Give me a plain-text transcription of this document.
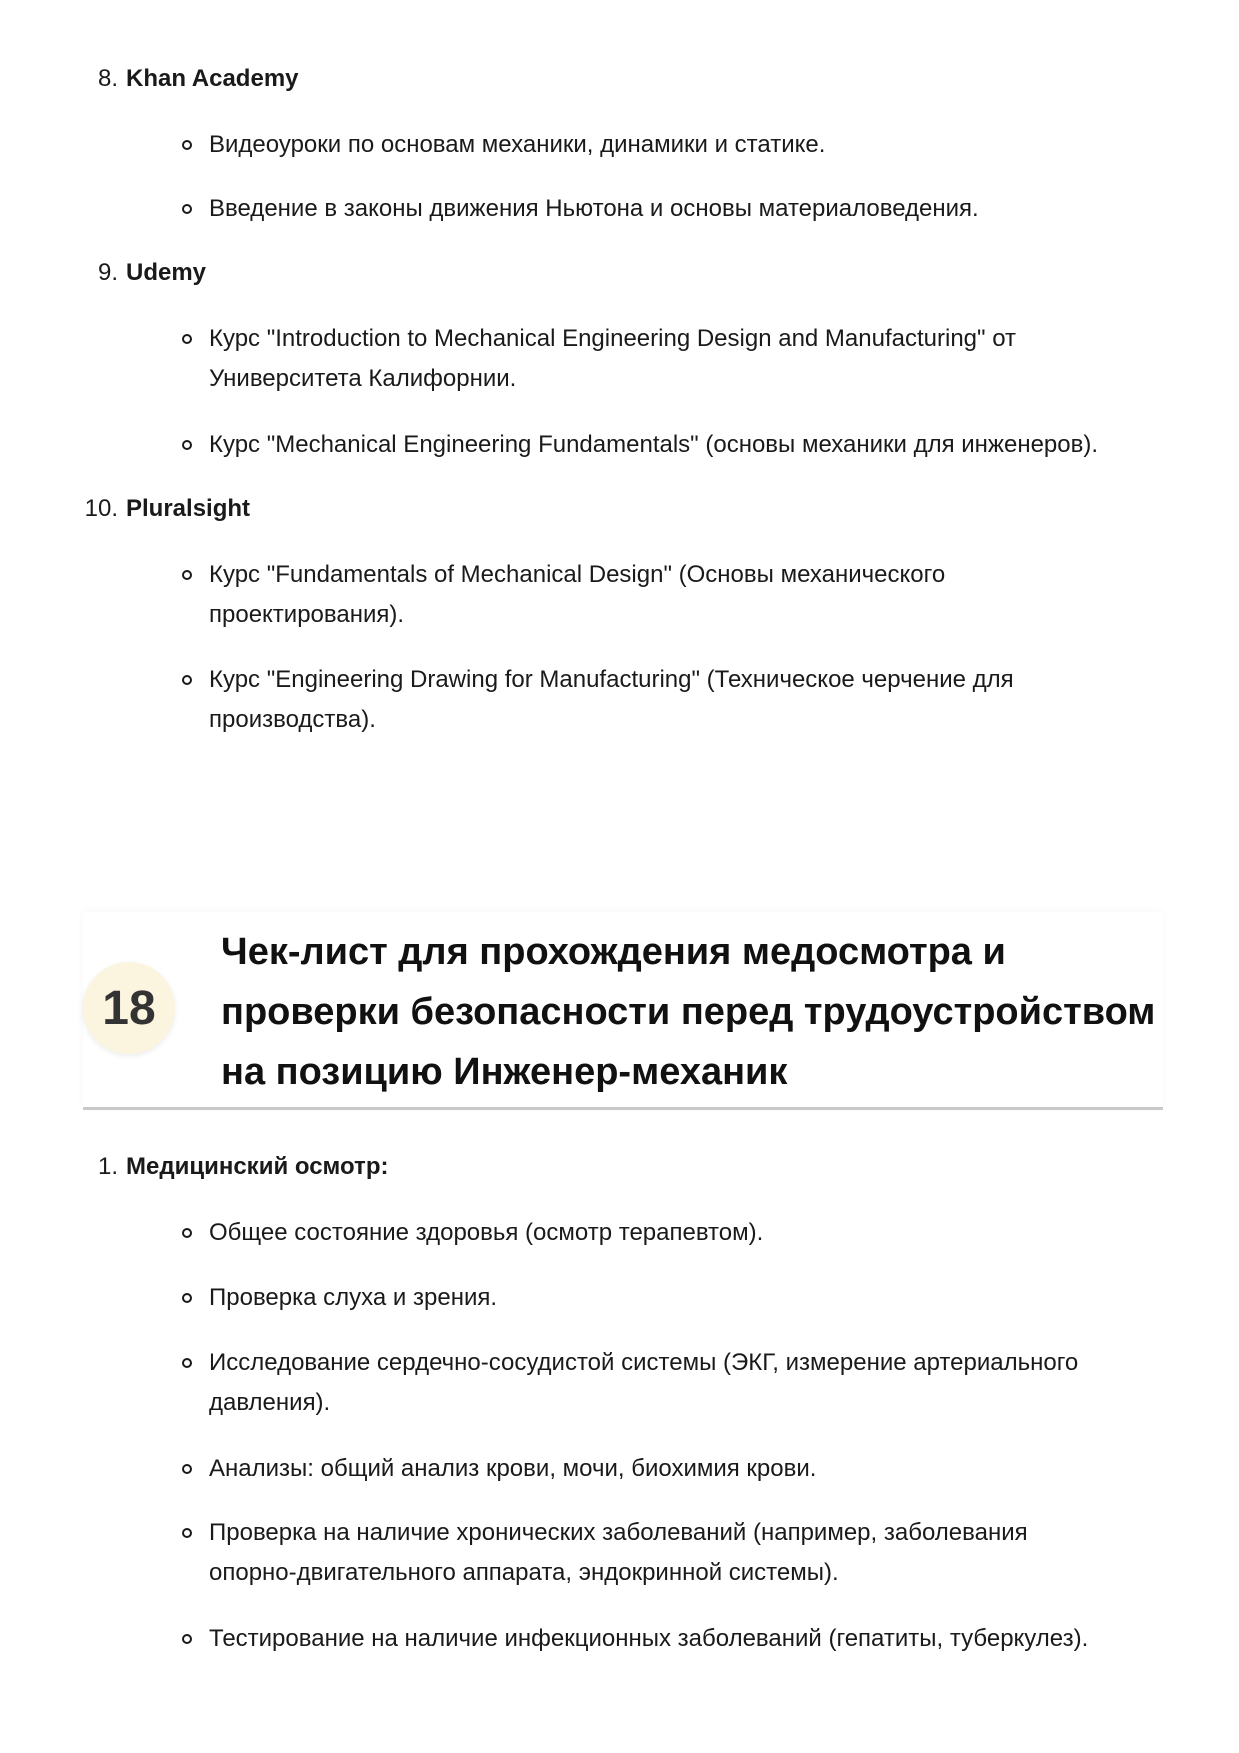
8. Khan Academy
Видеоуроки по основам механики, динамики и статике.
Введение в законы движения Ньютона и основы материаловедения.
9. Udemy
Курс "Introduction to Mechanical Engineering Design and Manufacturing" от Университета Калифорнии.
Курс "Mechanical Engineering Fundamentals" (основы механики для инженеров).
10. Pluralsight
Курс "Fundamentals of Mechanical Design" (Основы механического проектирования).
Курс "Engineering Drawing for Manufacturing" (Техническое черчение для производства).
18
Чек-лист для прохождения медосмотра и проверки безопасности перед трудоустройством на позицию Инженер-механик
1. Медицинский осмотр:
Общее состояние здоровья (осмотр терапевтом).
Проверка слуха и зрения.
Исследование сердечно-сосудистой системы (ЭКГ, измерение артериального давления).
Анализы: общий анализ крови, мочи, биохимия крови.
Проверка на наличие хронических заболеваний (например, заболевания опорно-двигательного аппарата, эндокринной системы).
Тестирование на наличие инфекционных заболеваний (гепатиты, туберкулез).
